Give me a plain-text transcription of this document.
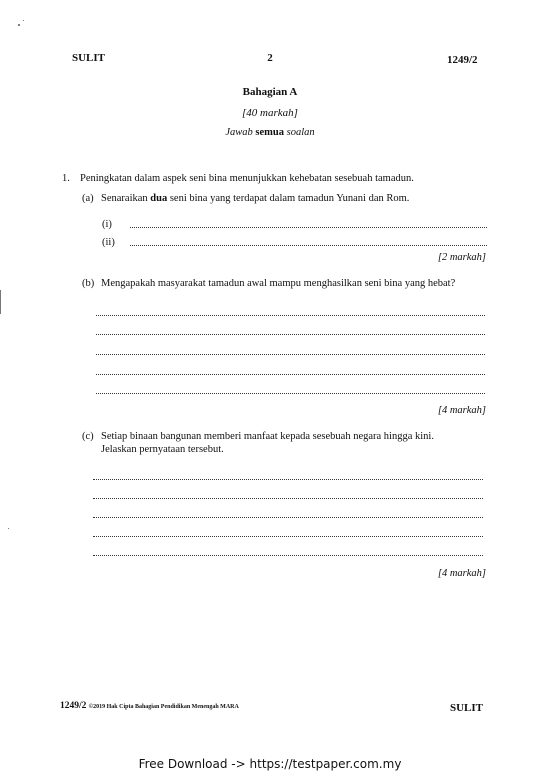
SULIT	2	1249/2
Bahagian A
[40 markah]
Jawab semua soalan
1. Peningkatan dalam aspek seni bina menunjukkan kehebatan sesebuah tamadun.
(a) Senaraikan dua seni bina yang terdapat dalam tamadun Yunani dan Rom.
(i)
(ii)
[2 markah]
(b) Mengapakah masyarakat tamadun awal mampu menghasilkan seni bina yang hebat?
[4 markah]
(c) Setiap binaan bangunan memberi manfaat kepada sesebuah negara hingga kini.
Jelaskan pernyataan tersebut.
[4 markah]
1249/2 ©2019 Hak Cipta Bahagian Pendidikan Menengah MARA	SULIT
Free Download -> https://testpaper.com.my
